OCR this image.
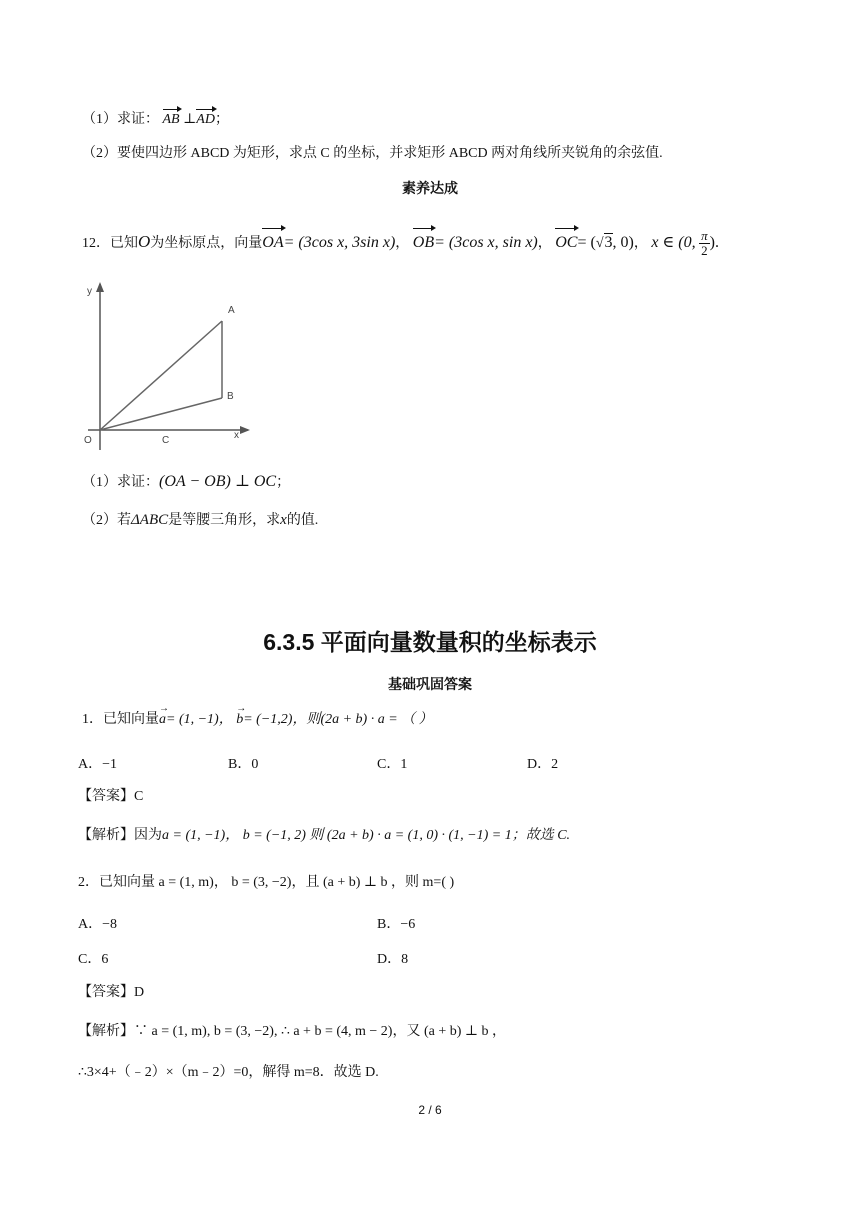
（1）求证： AB ⊥AD；
（2）要使四边形 ABCD 为矩形，求点 C 的坐标，并求矩形 ABCD 两对角线所夹锐角的余弦值.
素养达成
12．已知O为坐标原点，向量OA= (3cos x, 3sin x)， OB= (3cos x, sin x)， OC= (√3, 0)， x ∈ (0, $\frac{\pi}{2}$ ).
y
x
A
B
O	C
（1）求证：(OA − OB) ⊥ OC；
（2）若ΔABC是等腰三角形，求x的值.
6.3.5 平面向量数量积的坐标表示
基础巩固答案
1．已知向量a →= (1, −1)， b →= (−1,2)，则(2a + b) · a = （ ）
A．−1	B．0	C．1	D．2
【答案】C
【解析】因为a = (1, −1)， b = (−1, 2) 则 (2a + b) · a = (1, 0) · (1, −1) = 1；故选 C.
2．已知向量 a = (1, m)， b = (3, −2)，且 (a + b) ⊥ b ，则 m=( )
A．−8	B．−6
C．6	D．8
【答案】D
【解析】∵ a = (1, m), b = (3, −2), ∴ a + b = (4, m − 2)，又 (a + b) ⊥ b ，
∴3×4+（﹣2）×（m﹣2）=0，解得 m=8．故选 D.
2 / 6
